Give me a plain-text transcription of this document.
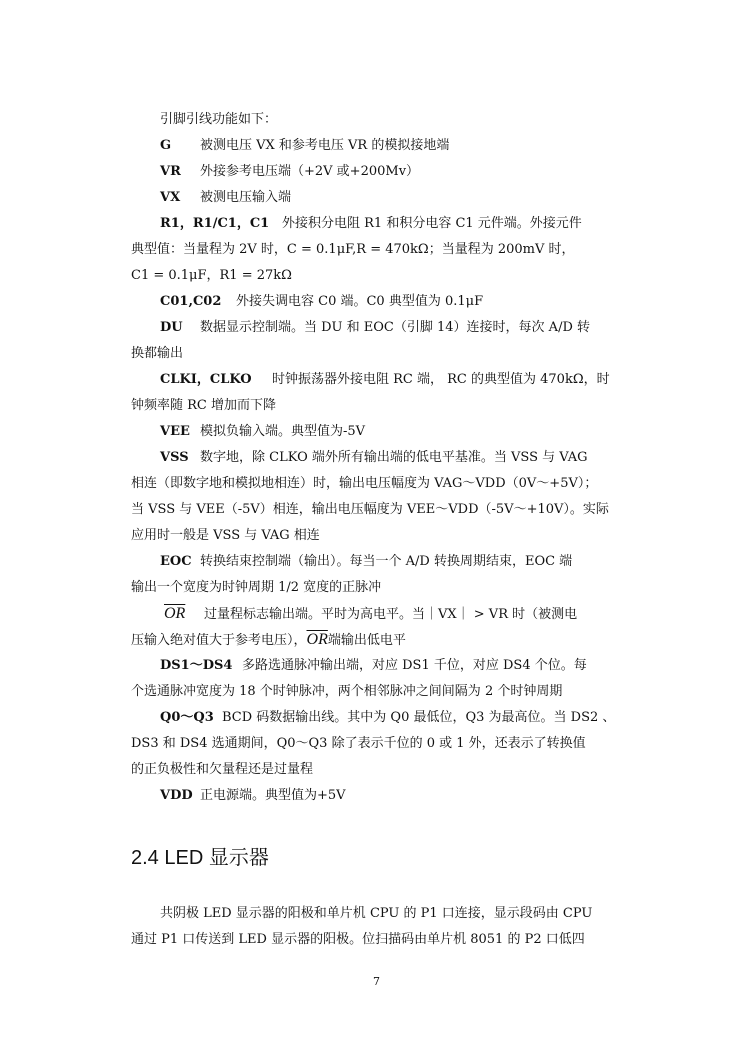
引脚引线功能如下：
G 被测电压 VX 和参考电压 VR 的模拟接地端
VR 外接参考电压端（+2V 或+200Mv）
VX 被测电压输入端
R1，R1/C1，C1 外接积分电阻 R1 和积分电容 C1 元件端。外接元件
典型值：当量程为 2V 时，C = 0.1μF,R = 470kΩ；当量程为 200mV 时，
C1 = 0.1μF，R1 = 27kΩ
C01,C02 外接失调电容 C0 端。C0 典型值为 0.1μF
DU 数据显示控制端。当 DU 和 EOC（引脚 14）连接时，每次 A/D 转
换都输出
CLKI，CLKO 时钟振荡器外接电阻 RC 端， RC 的典型值为 470kΩ，时
钟频率随 RC 增加而下降
VEE 模拟负输入端。典型值为-5V
VSS 数字地，除 CLKO 端外所有输出端的低电平基准。当 VSS 与 VAG
相连（即数字地和模拟地相连）时，输出电压幅度为 VAG～VDD（0V～+5V）；
当 VSS 与 VEE（-5V）相连，输出电压幅度为 VEE～VDD（-5V～+10V）。实际
应用时一般是 VSS 与 VAG 相连
EOC 转换结束控制端（输出）。每当一个 A/D 转换周期结束，EOC 端
输出一个宽度为时钟周期 1/2 宽度的正脉冲
$\overline{OR}$ 过量程标志输出端。平时为高电平。当｜VX｜ > VR 时（被测电
压输入绝对值大于参考电压），$\overline{OR}$端输出低电平
DS1～DS4 多路选通脉冲输出端，对应 DS1 千位，对应 DS4 个位。每
个选通脉冲宽度为 18 个时钟脉冲，两个相邻脉冲之间间隔为 2 个时钟周期
Q0～Q3 BCD 码数据输出线。其中为 Q0 最低位，Q3 为最高位。当 DS2 、
DS3 和 DS4 选通期间，Q0～Q3 除了表示千位的 0 或 1 外，还表示了转换值
的正负极性和欠量程还是过量程
VDD 正电源端。典型值为+5V
2.4 LED 显示器
共阴极 LED 显示器的阳极和单片机 CPU 的 P1 口连接，显示段码由 CPU
通过 P1 口传送到 LED 显示器的阳极。位扫描码由单片机 8051 的 P2 口低四
7
